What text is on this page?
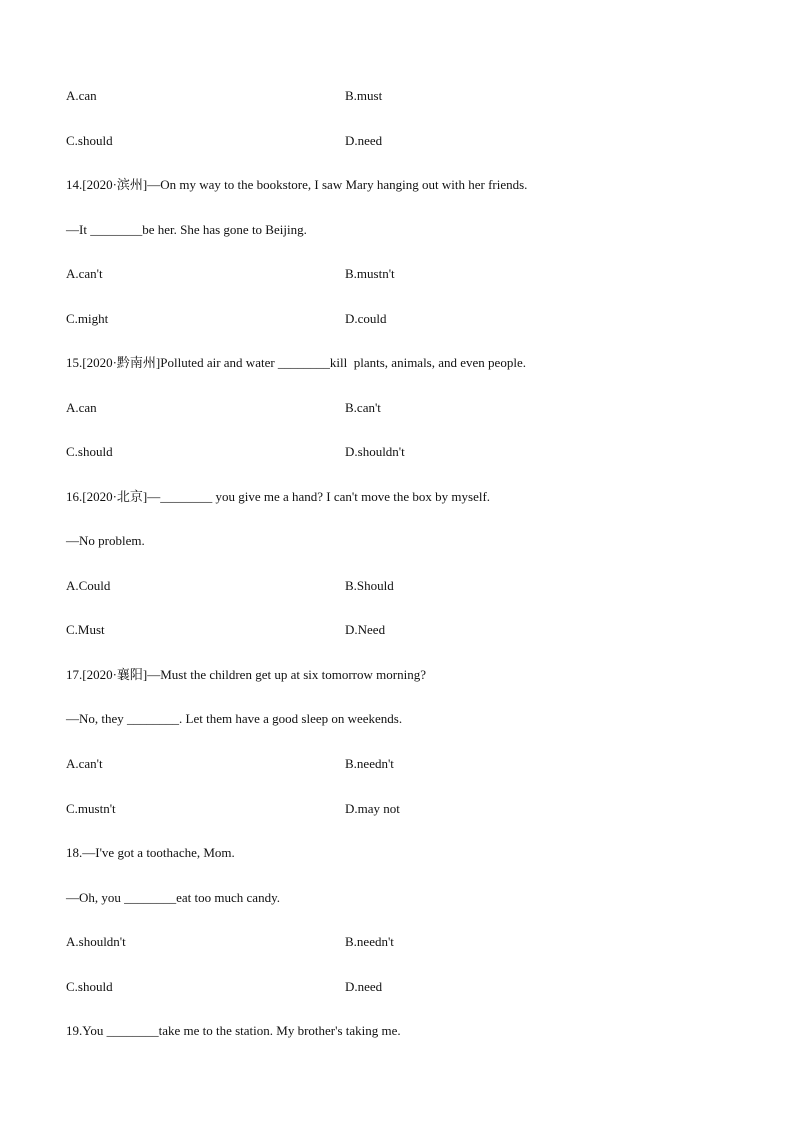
A.can	B.must
C.should	D.need
14.[2020·滨州]—On my way to the bookstore, I saw Mary hanging out with her friends.
—It ________be her. She has gone to Beijing.
A.can't	B.mustn't
C.might	D.could
15.[2020·黔南州]Polluted air and water ________kill  plants, animals, and even people.
A.can	B.can't
C.should	D.shouldn't
16.[2020·北京]—________ you give me a hand? I can't move the box by myself.
—No problem.
A.Could	B.Should
C.Must	D.Need
17.[2020·襄阳]—Must the children get up at six tomorrow morning?
—No, they ________. Let them have a good sleep on weekends.
A.can't	B.needn't
C.mustn't	D.may not
18.—I've got a toothache, Mom.
—Oh, you ________eat too much candy.
A.shouldn't	B.needn't
C.should	D.need
19.You ________take me to the station. My brother's taking me.
